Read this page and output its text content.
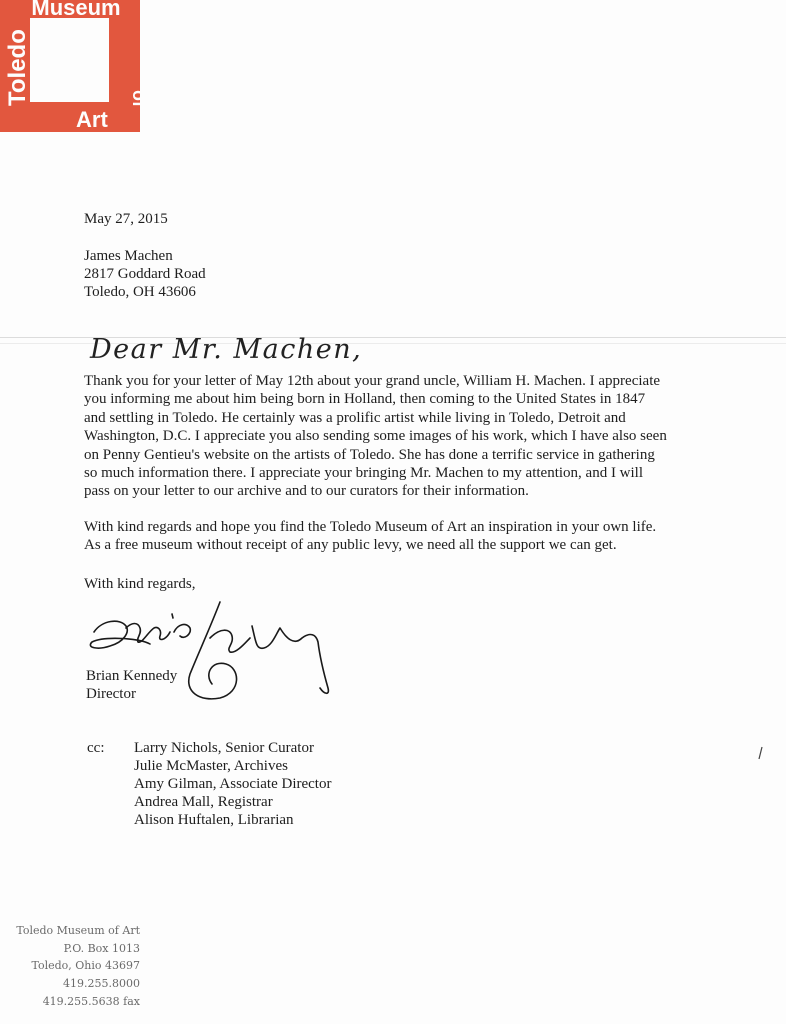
Museum
Toledo
Art
of
May 27, 2015
James Machen
2817 Goddard Road
Toledo, OH 43606
Dear Mr. Machen,
Thank you for your letter of May 12th about your grand uncle, William H. Machen. I appreciate
you informing me about him being born in Holland, then coming to the United States in 1847
and settling in Toledo. He certainly was a prolific artist while living in Toledo, Detroit and
Washington, D.C. I appreciate you also sending some images of his work, which I have also seen
on Penny Gentieu's website on the artists of Toledo. She has done a terrific service in gathering
so much information there. I appreciate your bringing Mr. Machen to my attention, and I will
pass on your letter to our archive and to our curators for their information.
With kind regards and hope you find the Toledo Museum of Art an inspiration in your own life.
As a free museum without receipt of any public levy, we need all the support we can get.
With kind regards,
Brian Kennedy
Director
cc: Larry Nichols, Senior Curator
Julie McMaster, Archives
Amy Gilman, Associate Director
Andrea Mall, Registrar
Alison Huftalen, Librarian
Toledo Museum of Art
P.O. Box 1013
Toledo, Ohio 43697
419.255.8000
419.255.5638 fax
